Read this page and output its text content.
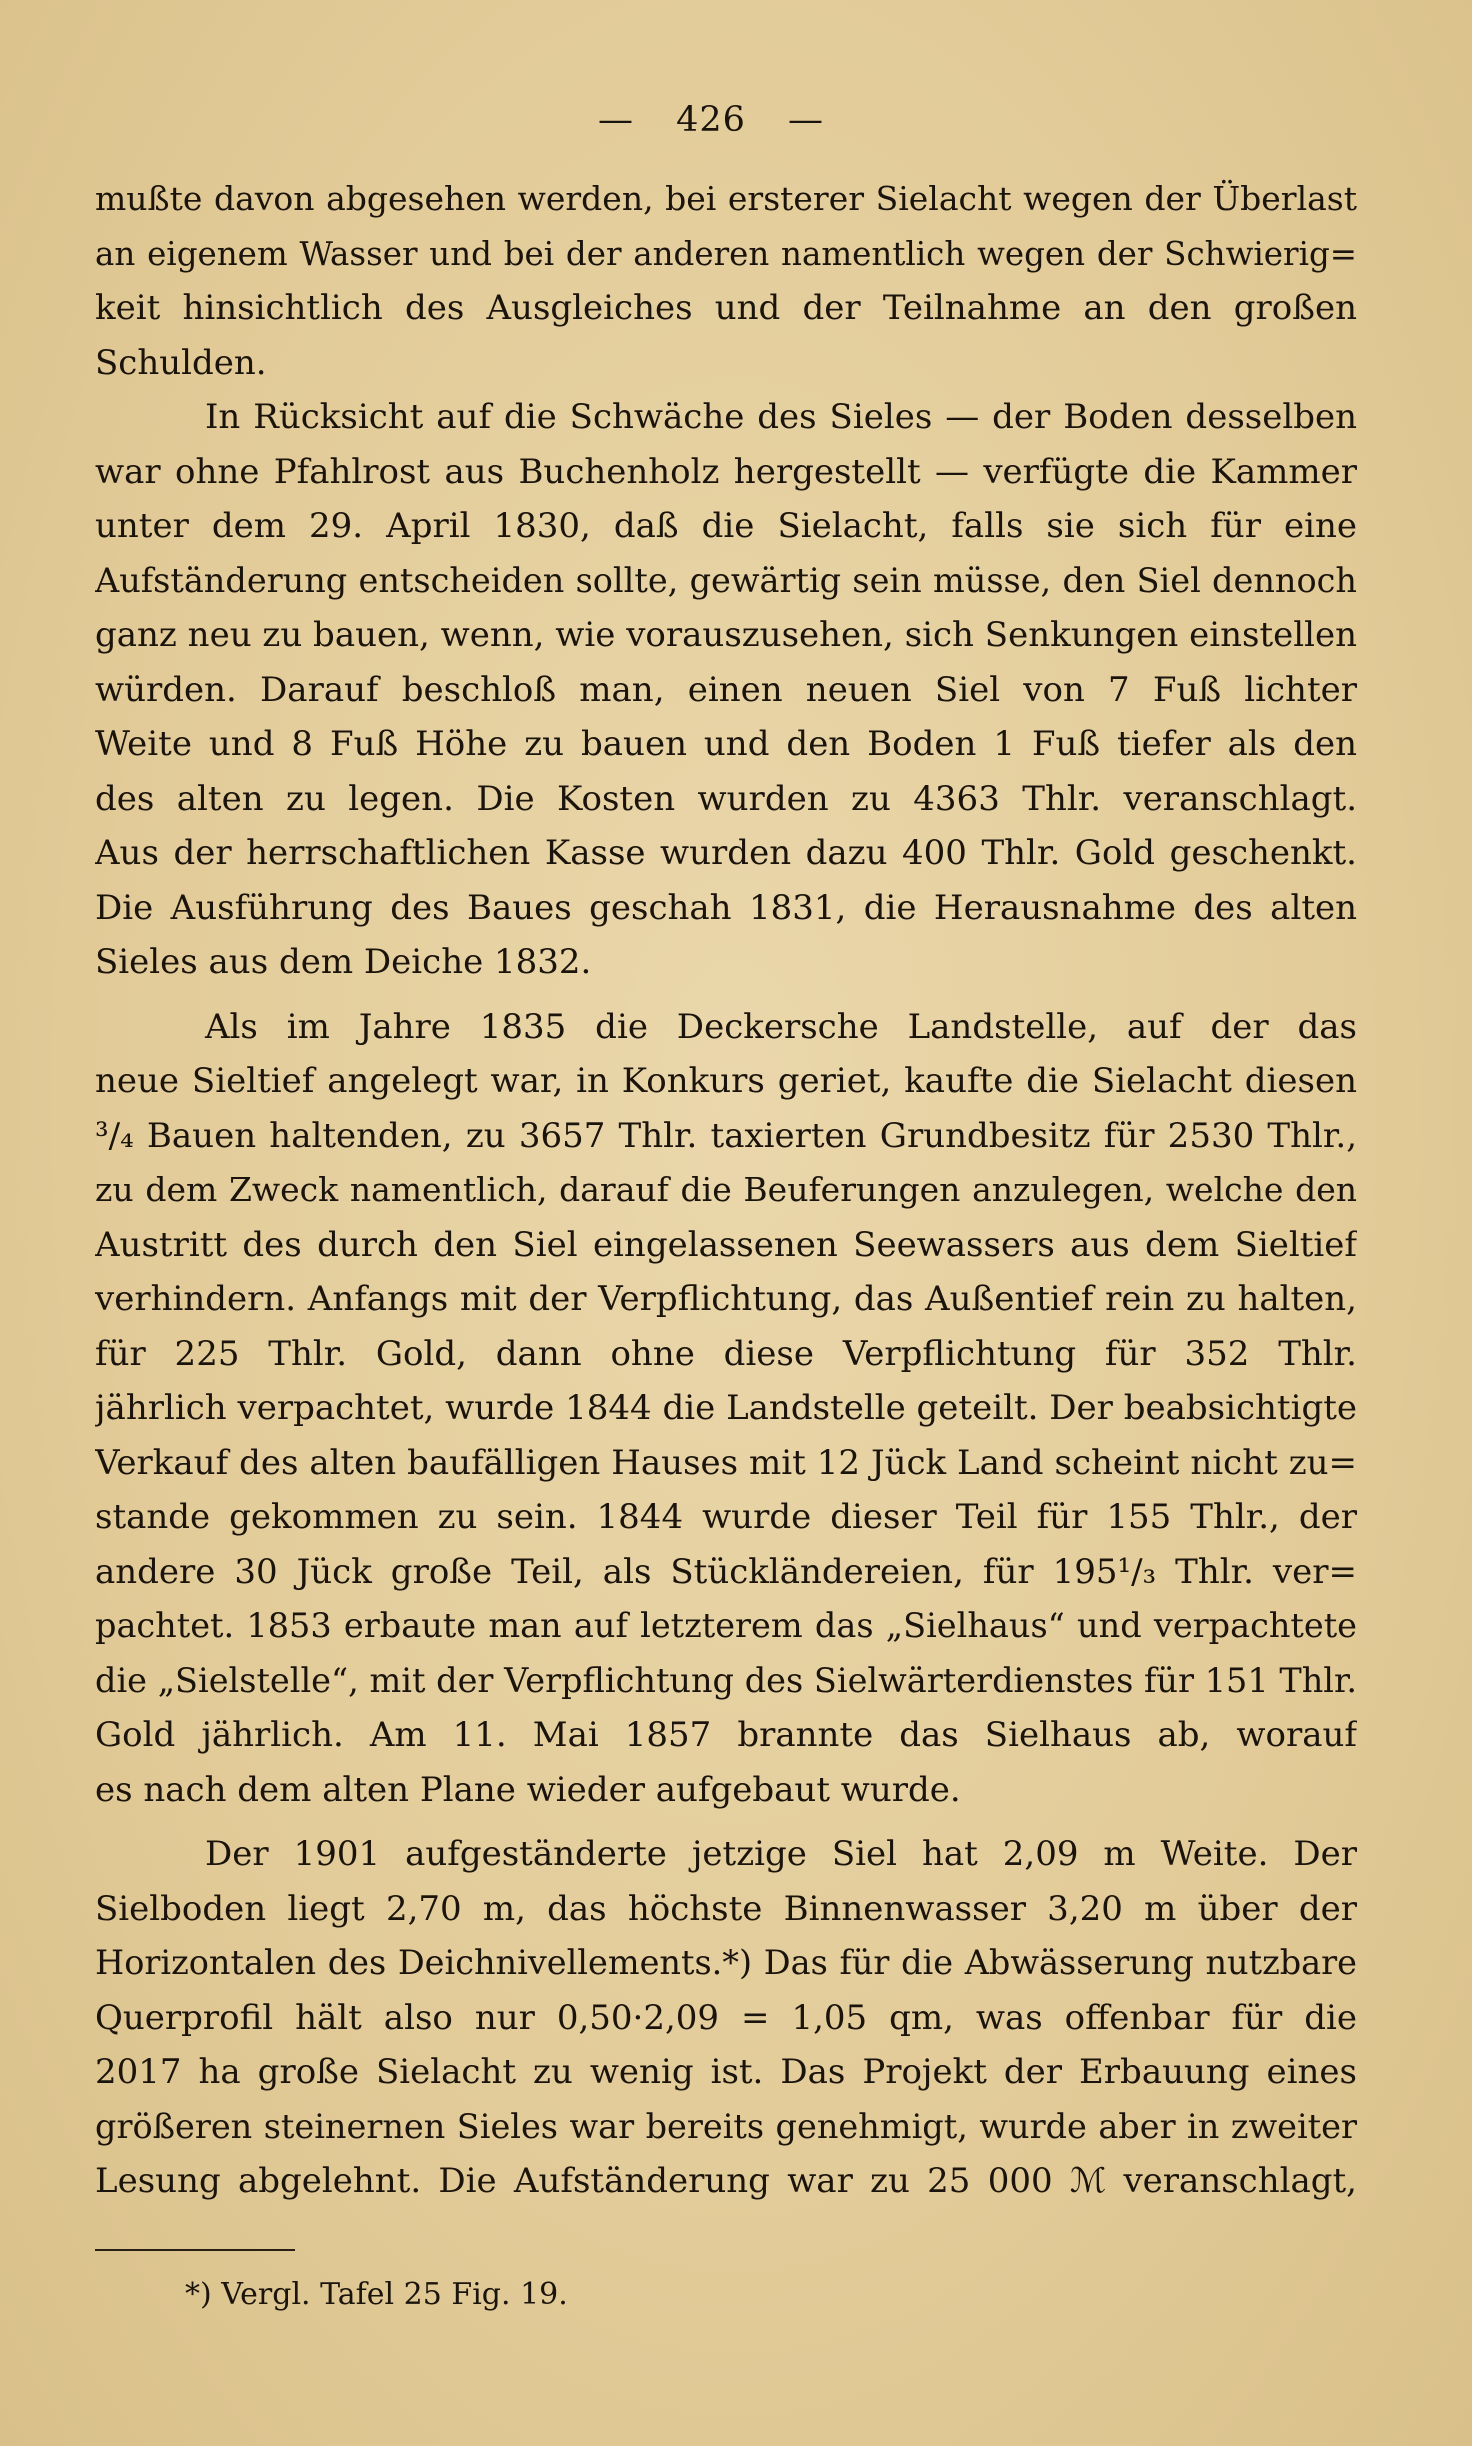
— 426 —
mußte davon abgesehen werden, bei ersterer Sielacht wegen der Überlast
an eigenem Wasser und bei der anderen namentlich wegen der Schwierig=
keit hinsichtlich des Ausgleiches und der Teilnahme an den großen
Schulden.
In Rücksicht auf die Schwäche des Sieles — der Boden desselben
war ohne Pfahlrost aus Buchenholz hergestellt — verfügte die Kammer
unter dem 29. April 1830, daß die Sielacht, falls sie sich für eine
Aufständerung entscheiden sollte, gewärtig sein müsse, den Siel dennoch
ganz neu zu bauen, wenn, wie vorauszusehen, sich Senkungen einstellen
würden. Darauf beschloß man, einen neuen Siel von 7 Fuß lichter
Weite und 8 Fuß Höhe zu bauen und den Boden 1 Fuß tiefer als den
des alten zu legen. Die Kosten wurden zu 4363 Thlr. veranschlagt.
Aus der herrschaftlichen Kasse wurden dazu 400 Thlr. Gold geschenkt.
Die Ausführung des Baues geschah 1831, die Herausnahme des alten
Sieles aus dem Deiche 1832.
Als im Jahre 1835 die Deckersche Landstelle, auf der das
neue Sieltief angelegt war, in Konkurs geriet, kaufte die Sielacht diesen
³/₄ Bauen haltenden, zu 3657 Thlr. taxierten Grundbesitz für 2530 Thlr.,
zu dem Zweck namentlich, darauf die Beuferungen anzulegen, welche den
Austritt des durch den Siel eingelassenen Seewassers aus dem Sieltief
verhindern. Anfangs mit der Verpflichtung, das Außentief rein zu halten,
für 225 Thlr. Gold, dann ohne diese Verpflichtung für 352 Thlr.
jährlich verpachtet, wurde 1844 die Landstelle geteilt. Der beabsichtigte
Verkauf des alten baufälligen Hauses mit 12 Jück Land scheint nicht zu=
stande gekommen zu sein. 1844 wurde dieser Teil für 155 Thlr., der
andere 30 Jück große Teil, als Stückländereien, für 195¹/₃ Thlr. ver=
pachtet. 1853 erbaute man auf letzterem das „Sielhaus“ und verpachtete
die „Sielstelle“, mit der Verpflichtung des Sielwärterdienstes für 151 Thlr.
Gold jährlich. Am 11. Mai 1857 brannte das Sielhaus ab, worauf
es nach dem alten Plane wieder aufgebaut wurde.
Der 1901 aufgeständerte jetzige Siel hat 2,09 m Weite. Der
Sielboden liegt 2,70 m, das höchste Binnenwasser 3,20 m über der
Horizontalen des Deichnivellements.*) Das für die Abwässerung nutzbare
Querprofil hält also nur 0,50·2,09 = 1,05 qm, was offenbar für die
2017 ha große Sielacht zu wenig ist. Das Projekt der Erbauung eines
größeren steinernen Sieles war bereits genehmigt, wurde aber in zweiter
Lesung abgelehnt. Die Aufständerung war zu 25 000 ℳ veranschlagt,
*) Vergl. Tafel 25 Fig. 19.
